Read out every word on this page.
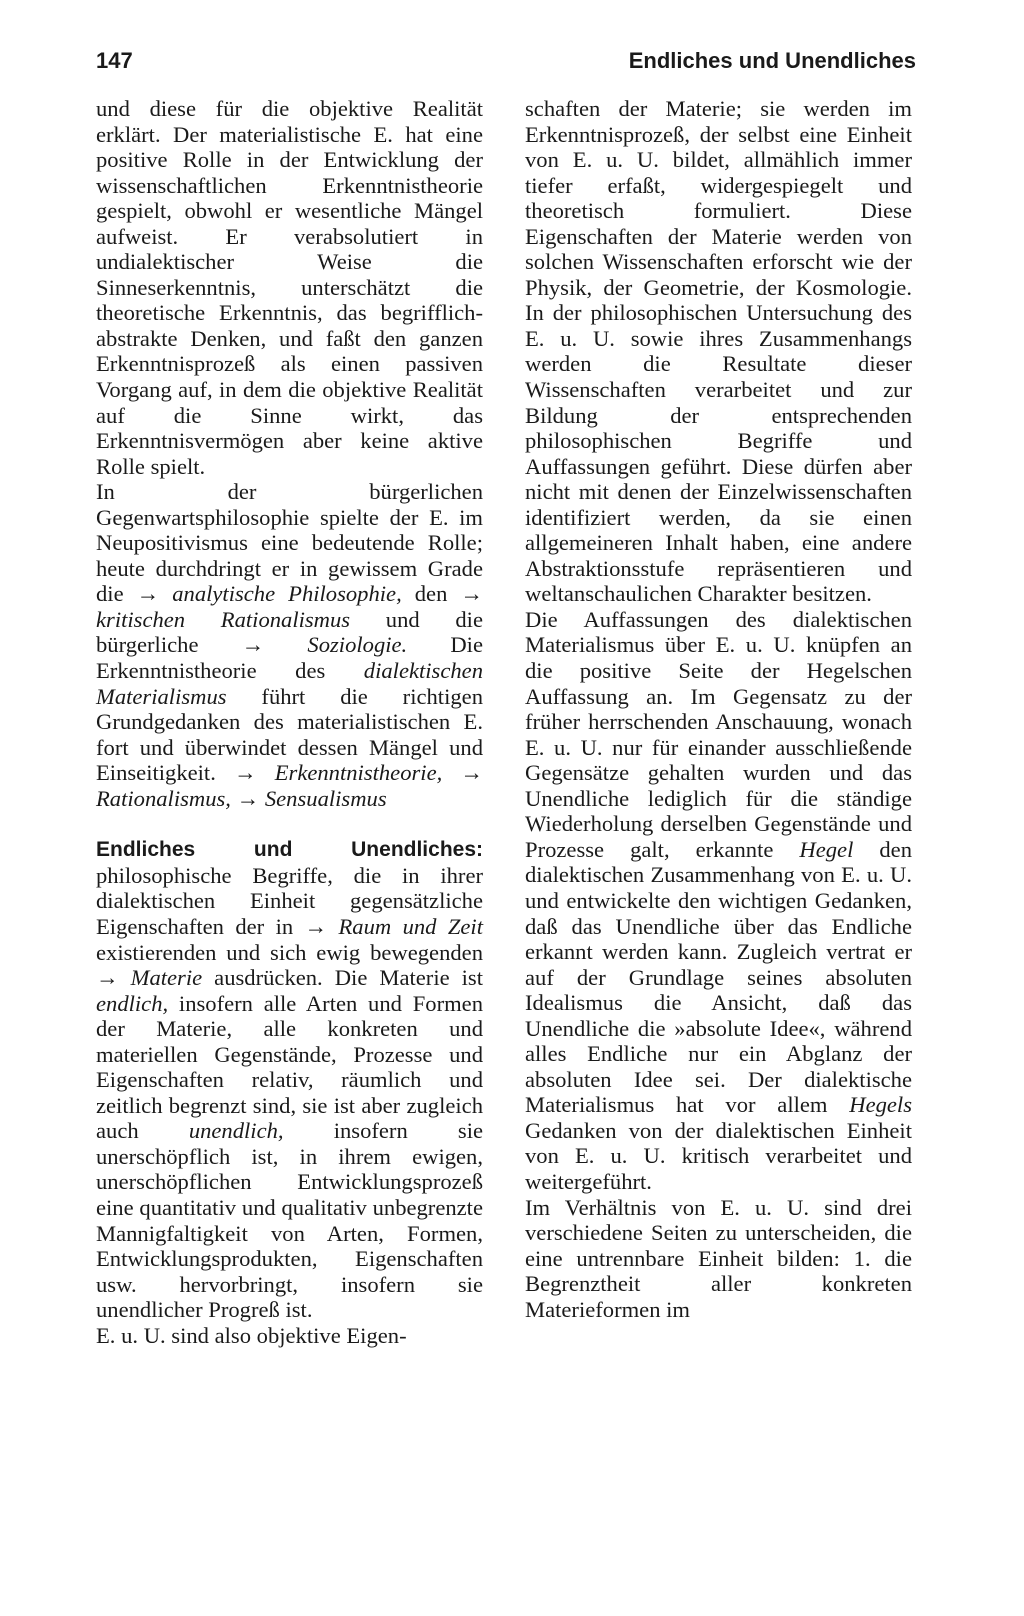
147	Endliches und Unendliches

und diese für die objektive Realität erklärt. Der materialistische E. hat eine positive Rolle in der Entwicklung der wissenschaftlichen Erkenntnistheorie gespielt, obwohl er wesentliche Mängel aufweist. Er verabsolutiert in undialektischer Weise die Sinneserkenntnis, unterschätzt die theoretische Erkenntnis, das begrifflich-abstrakte Denken, und faßt den ganzen Erkenntnisprozeß als einen passiven Vorgang auf, in dem die objektive Realität auf die Sinne wirkt, das Erkenntnisvermögen aber keine aktive Rolle spielt.

In der bürgerlichen Gegenwartsphilosophie spielte der E. im Neupositivismus eine bedeutende Rolle; heute durchdringt er in gewissem Grade die → analytische Philosophie, den → kritischen Rationalismus und die bürgerliche → Soziologie. Die Erkenntnistheorie des dialektischen Materialismus führt die richtigen Grundgedanken des materialistischen E. fort und überwindet dessen Mängel und Einseitigkeit. → Erkenntnistheorie, → Rationalismus, → Sensualismus

Endliches und Unendliches: philosophische Begriffe, die in ihrer dialektischen Einheit gegensätzliche Eigenschaften der in → Raum und Zeit existierenden und sich ewig bewegenden → Materie ausdrücken. Die Materie ist endlich, insofern alle Arten und Formen der Materie, alle konkreten und materiellen Gegenstände, Prozesse und Eigenschaften relativ, räumlich und zeitlich begrenzt sind, sie ist aber zugleich auch unendlich, insofern sie unerschöpflich ist, in ihrem ewigen, unerschöpflichen Entwicklungsprozeß eine quantitativ und qualitativ unbegrenzte Mannigfaltigkeit von Arten, Formen, Entwicklungsprodukten, Eigenschaften usw. hervorbringt, insofern sie unendlicher Progreß ist.

E. u. U. sind also objektive Eigen-

schaften der Materie; sie werden im Erkenntnisprozeß, der selbst eine Einheit von E. u. U. bildet, allmählich immer tiefer erfaßt, widergespiegelt und theoretisch formuliert. Diese Eigenschaften der Materie werden von solchen Wissenschaften erforscht wie der Physik, der Geometrie, der Kosmologie. In der philosophischen Untersuchung des E. u. U. sowie ihres Zusammenhangs werden die Resultate dieser Wissenschaften verarbeitet und zur Bildung der entsprechenden philosophischen Begriffe und Auffassungen geführt. Diese dürfen aber nicht mit denen der Einzelwissenschaften identifiziert werden, da sie einen allgemeineren Inhalt haben, eine andere Abstraktionsstufe repräsentieren und weltanschaulichen Charakter besitzen.

Die Auffassungen des dialektischen Materialismus über E. u. U. knüpfen an die positive Seite der Hegelschen Auffassung an. Im Gegensatz zu der früher herrschenden Anschauung, wonach E. u. U. nur für einander ausschließende Gegensätze gehalten wurden und das Unendliche lediglich für die ständige Wiederholung derselben Gegenstände und Prozesse galt, erkannte Hegel den dialektischen Zusammenhang von E. u. U. und entwickelte den wichtigen Gedanken, daß das Unendliche über das Endliche erkannt werden kann. Zugleich vertrat er auf der Grundlage seines absoluten Idealismus die Ansicht, daß das Unendliche die »absolute Idee«, während alles Endliche nur ein Abglanz der absoluten Idee sei. Der dialektische Materialismus hat vor allem Hegels Gedanken von der dialektischen Einheit von E. u. U. kritisch verarbeitet und weitergeführt.

Im Verhältnis von E. u. U. sind drei verschiedene Seiten zu unterscheiden, die eine untrennbare Einheit bilden: 1. die Begrenztheit aller konkreten Materieformen im
